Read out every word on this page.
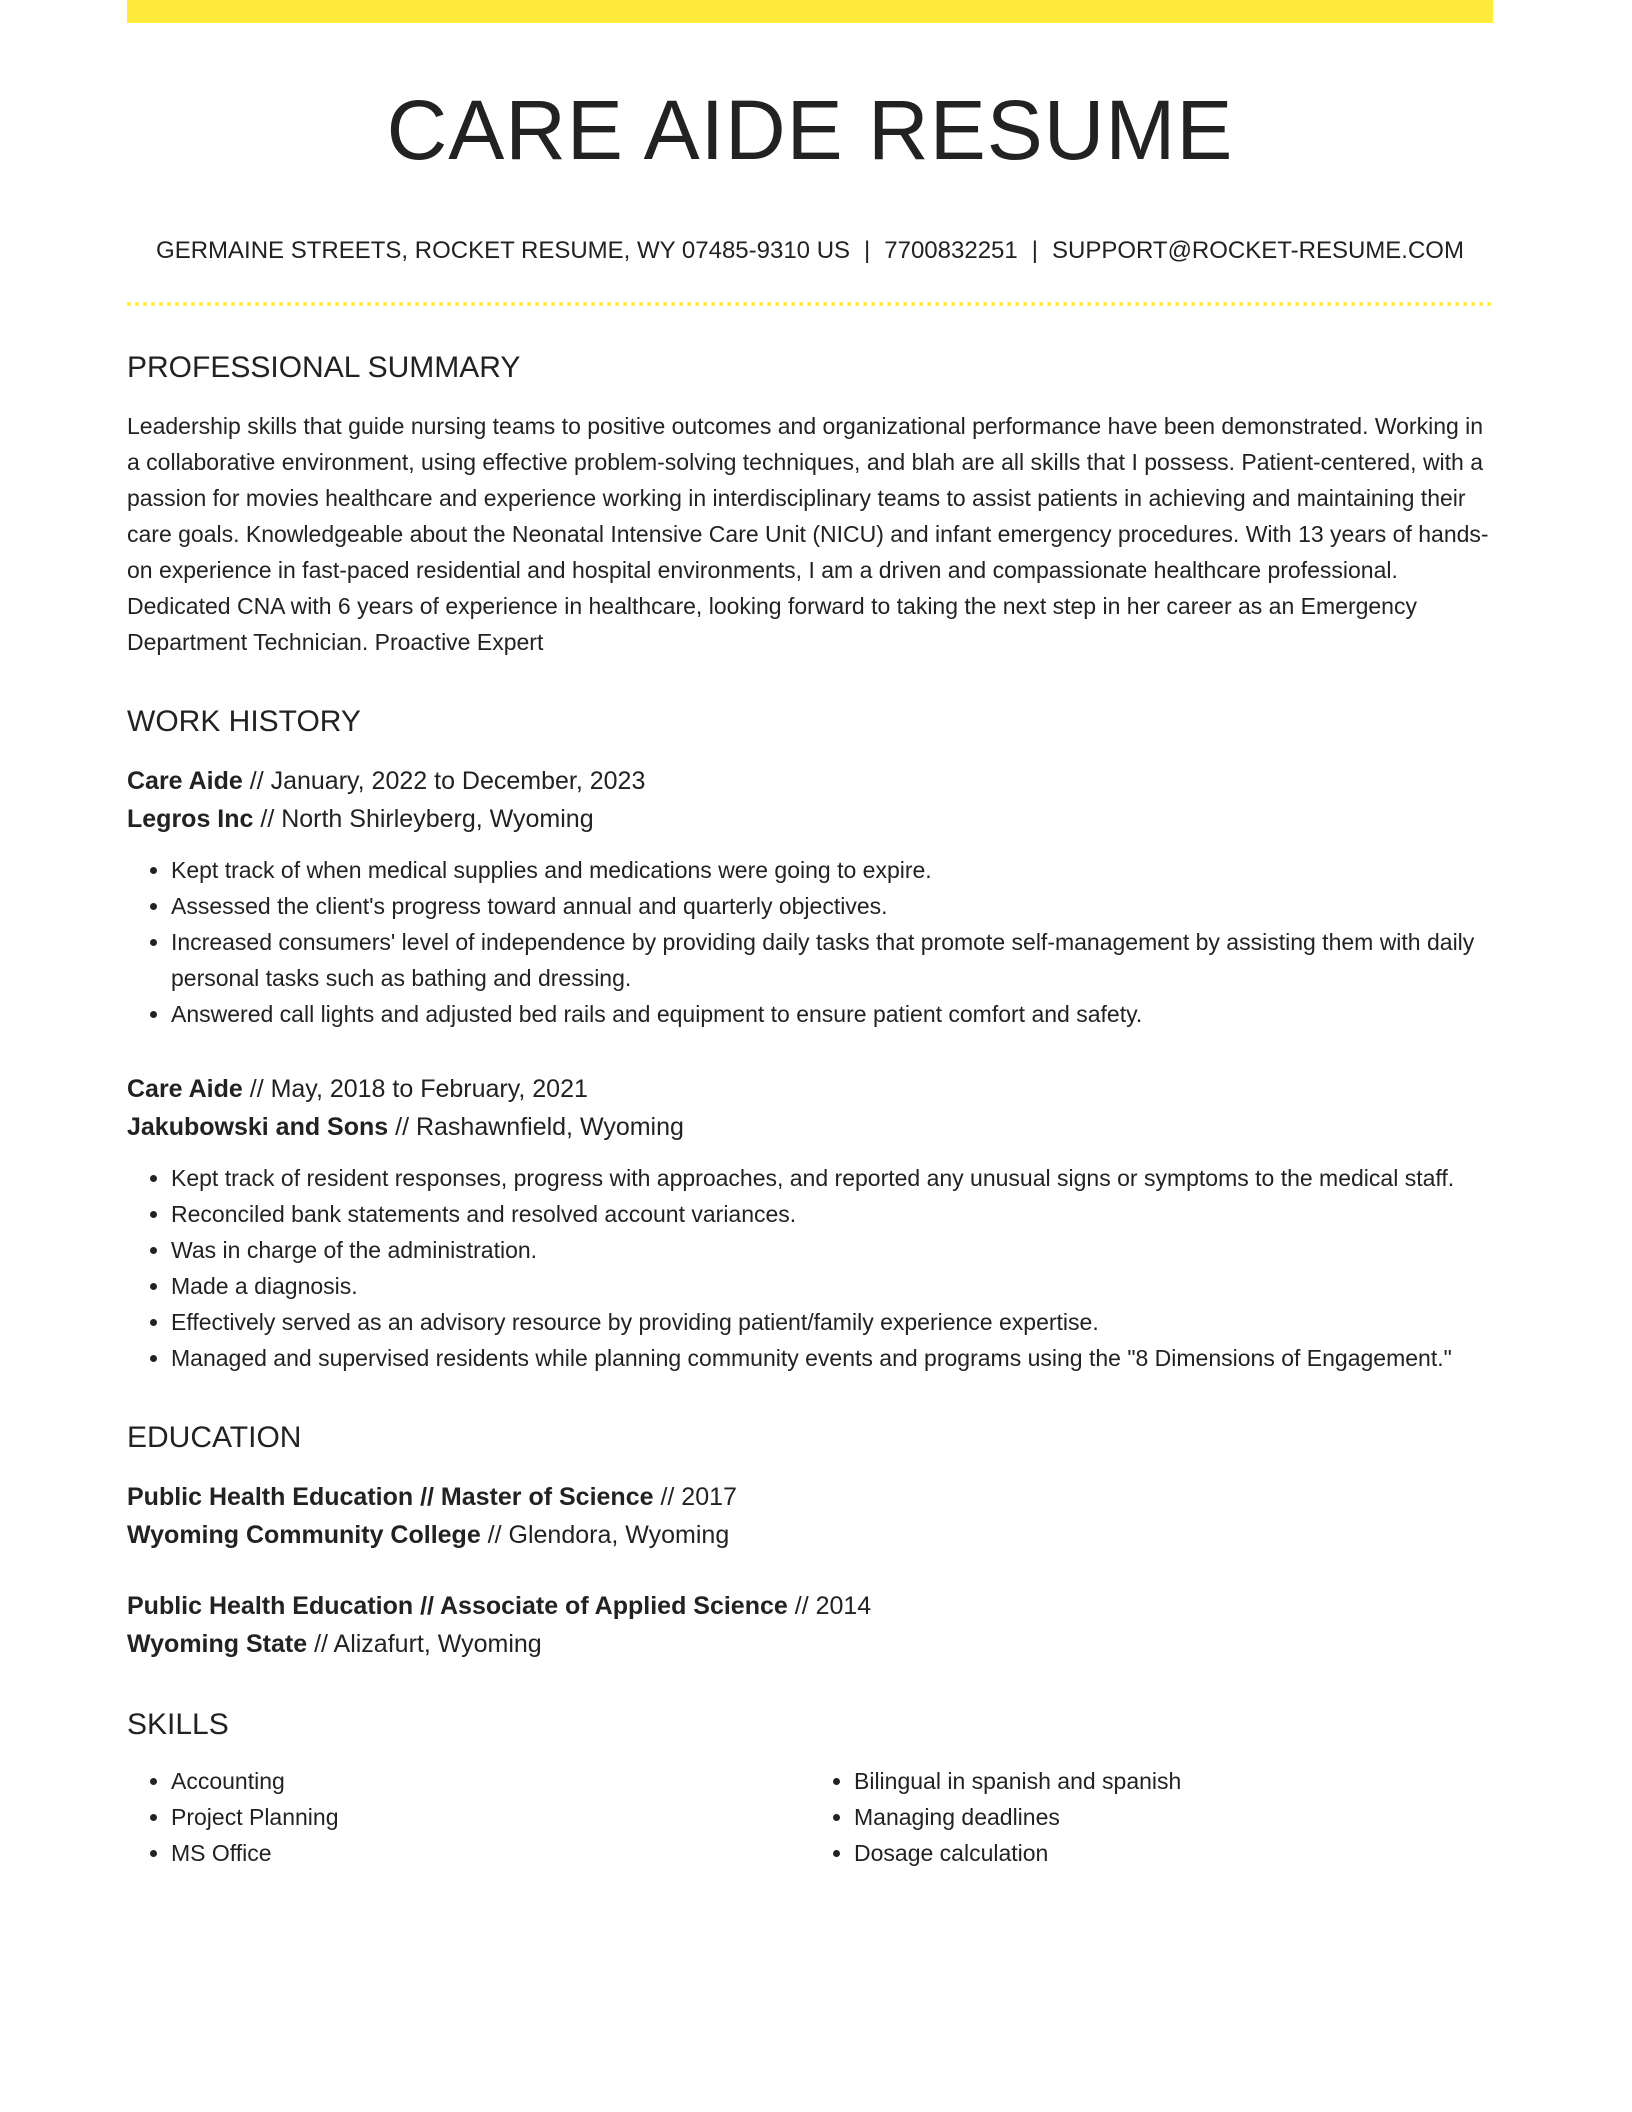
CARE AIDE RESUME
GERMAINE STREETS, ROCKET RESUME, WY 07485-9310 US | 7700832251 | SUPPORT@ROCKET-RESUME.COM
PROFESSIONAL SUMMARY

Leadership skills that guide nursing teams to positive outcomes and organizational performance have been demonstrated. Working in a collaborative environment, using effective problem-solving techniques, and blah are all skills that I possess. Patient-centered, with a passion for movies healthcare and experience working in interdisciplinary teams to assist patients in achieving and maintaining their care goals. Knowledgeable about the Neonatal Intensive Care Unit (NICU) and infant emergency procedures. With 13 years of hands-on experience in fast-paced residential and hospital environments, I am a driven and compassionate healthcare professional. Dedicated CNA with 6 years of experience in healthcare, looking forward to taking the next step in her career as an Emergency Department Technician. Proactive Expert

WORK HISTORY
Care Aide // January, 2022 to December, 2023
Legros Inc // North Shirleyberg, Wyoming
• Kept track of when medical supplies and medications were going to expire.
• Assessed the client's progress toward annual and quarterly objectives.
• Increased consumers' level of independence by providing daily tasks that promote self-management by assisting them with daily personal tasks such as bathing and dressing.
• Answered call lights and adjusted bed rails and equipment to ensure patient comfort and safety.
Care Aide // May, 2018 to February, 2021
Jakubowski and Sons // Rashawnfield, Wyoming
• Kept track of resident responses, progress with approaches, and reported any unusual signs or symptoms to the medical staff.
• Reconciled bank statements and resolved account variances.
• Was in charge of the administration.
• Made a diagnosis.
• Effectively served as an advisory resource by providing patient/family experience expertise.
• Managed and supervised residents while planning community events and programs using the "8 Dimensions of Engagement."
EDUCATION
Public Health Education // Master of Science // 2017
Wyoming Community College // Glendora, Wyoming
Public Health Education // Associate of Applied Science // 2014
Wyoming State // Alizafurt, Wyoming
SKILLS
• Accounting
• Project Planning
• MS Office
• Bilingual in spanish and spanish
• Managing deadlines
• Dosage calculation
